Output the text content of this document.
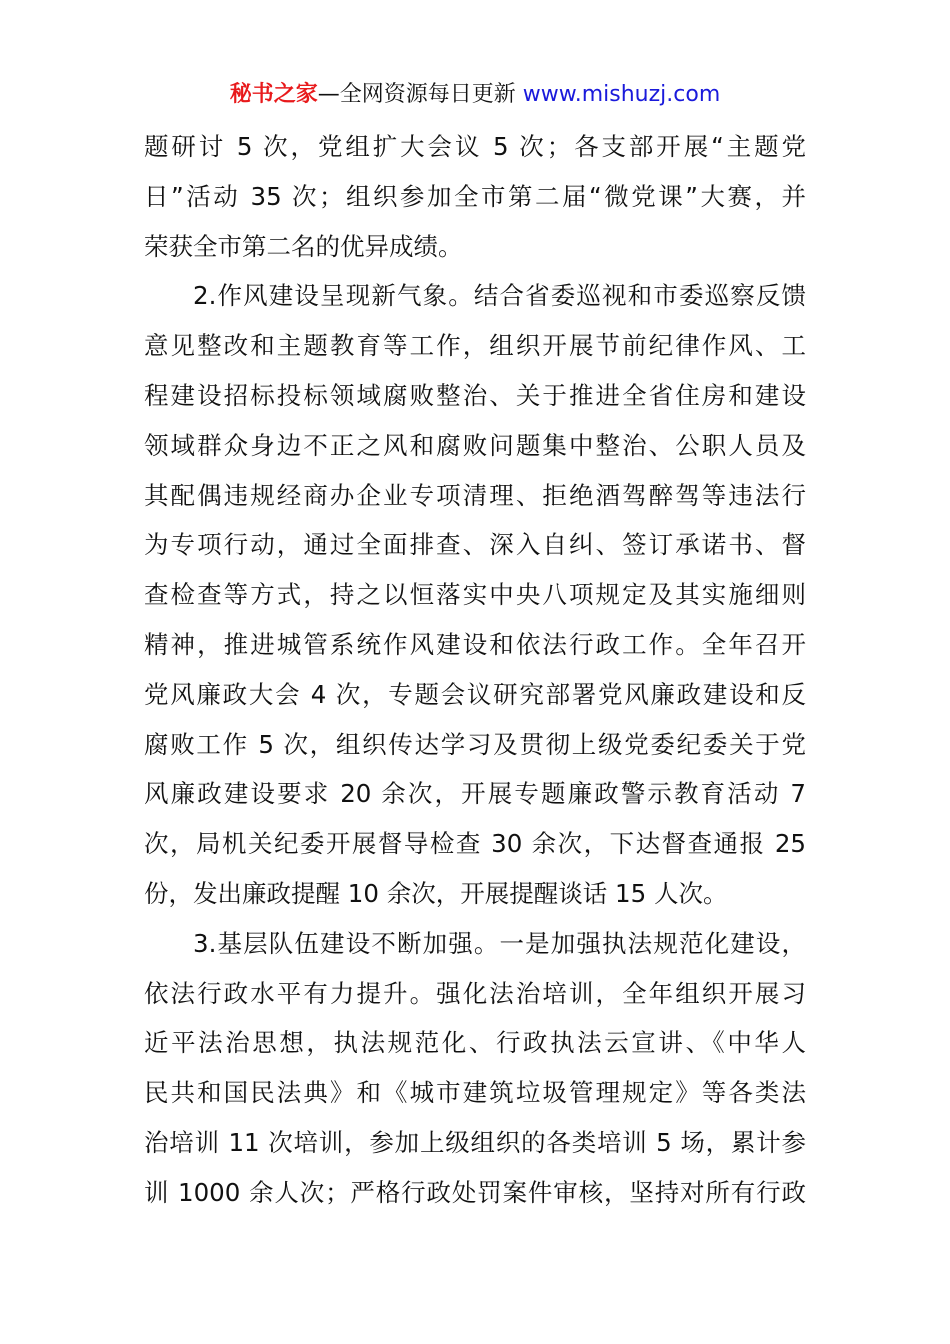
秘书之家—全网资源每日更新 www.mishuzj.com
题研讨 5 次，党组扩大会议 5 次；各支部开展“主题党
日”活动 35 次；组织参加全市第二届“微党课”大赛，并
荣获全市第二名的优异成绩。
2.作风建设呈现新气象。结合省委巡视和市委巡察反馈
意见整改和主题教育等工作，组织开展节前纪律作风、工
程建设招标投标领域腐败整治、关于推进全省住房和建设
领域群众身边不正之风和腐败问题集中整治、公职人员及
其配偶违规经商办企业专项清理、拒绝酒驾醉驾等违法行
为专项行动，通过全面排查、深入自纠、签订承诺书、督
查检查等方式，持之以恒落实中央八项规定及其实施细则
精神，推进城管系统作风建设和依法行政工作。全年召开
党风廉政大会 4 次，专题会议研究部署党风廉政建设和反
腐败工作 5 次，组织传达学习及贯彻上级党委纪委关于党
风廉政建设要求 20 余次，开展专题廉政警示教育活动 7
次，局机关纪委开展督导检查 30 余次，下达督查通报 25
份，发出廉政提醒 10 余次，开展提醒谈话 15 人次。
3.基层队伍建设不断加强。一是加强执法规范化建设，
依法行政水平有力提升。强化法治培训，全年组织开展习
近平法治思想，执法规范化、行政执法云宣讲、《中华人
民共和国民法典》和《城市建筑垃圾管理规定》等各类法
治培训 11 次培训，参加上级组织的各类培训 5 场，累计参
训 1000 余人次；严格行政处罚案件审核，坚持对所有行政
